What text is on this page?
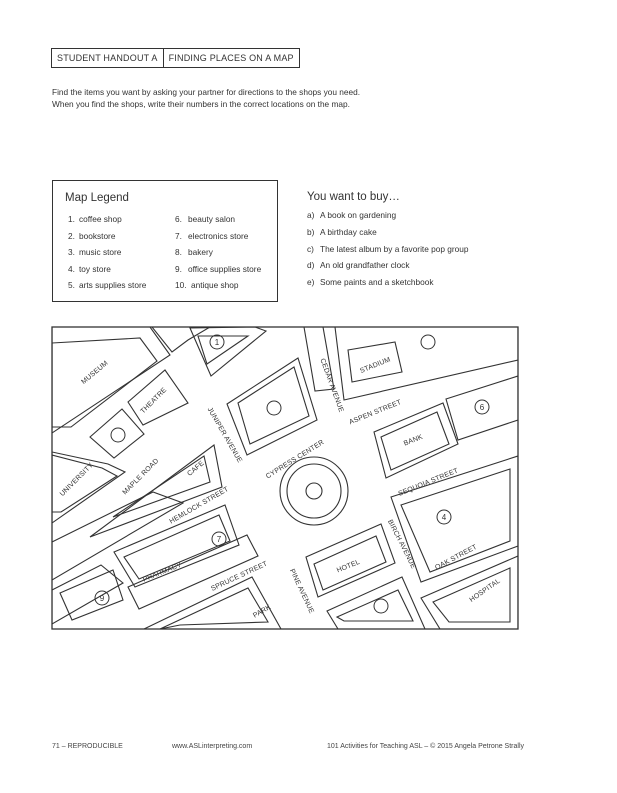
STUDENT HANDOUT A	FINDING PLACES ON A MAP
Find the items you want by asking your partner for directions to the shops you need.
When you find the shops, write their numbers in the correct locations on the map.
Map Legend
1. coffee shop
2. bookstore
3. music store
4. toy store
5. arts supplies store
6. beauty salon
7. electronics store
8. bakery
9. office supplies store
10. antique shop
You want to buy…
a) A book on gardening
b) A birthday cake
c) The latest album by a favorite pop group
d) An old grandfather clock
e) Some paints and a sketchbook
1
6
4
7
9
MUSEUM
THEATRE
UNIVERSITY	MAPLE ROAD	CAFE
JUNIPER AVENUE
HEMLOCK STREET
CEDAR AVENUE STADIUM
ASPEN STREET
BANK
CYPRESS CENTER
SEQUOIA STREET
BIRCH AVENUE OAK STREET
HOSPITAL
HOTEL
PINE AVENUE
PHARMACY	SPRUCE STREET
PARK
71 – REPRODUCIBLE	www.ASLinterpreting.com	101 Activities for Teaching ASL – © 2015 Angela Petrone Strally
